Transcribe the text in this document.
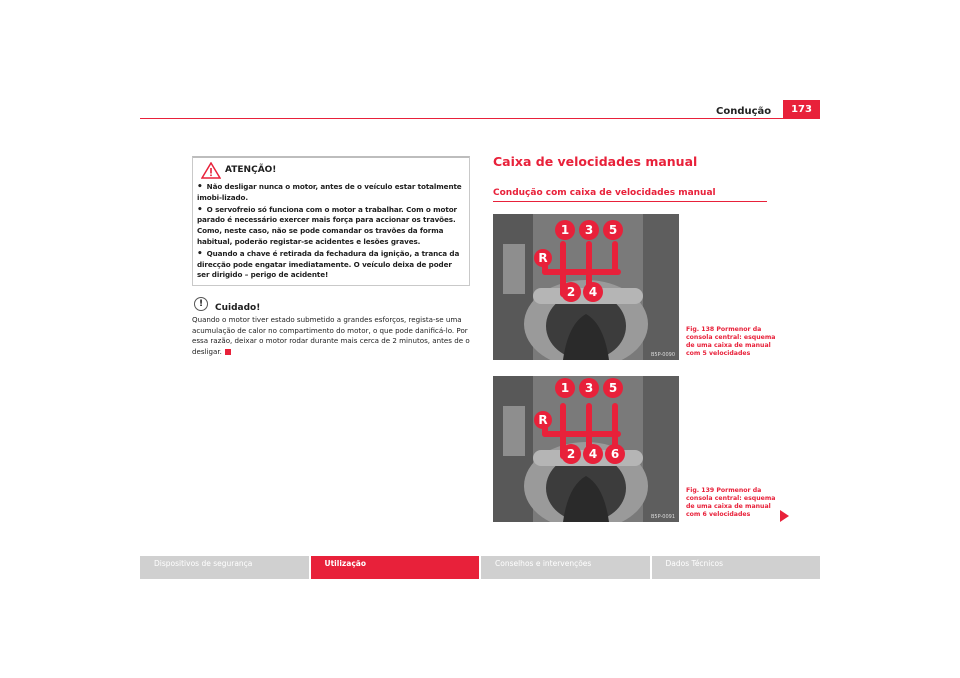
Condução	173
ATENÇÃO!
• Não desligar nunca o motor, antes de o veículo estar totalmente imobi-lizado.
• O servofreio só funciona com o motor a trabalhar. Com o motor parado é necessário exercer mais força para accionar os travões. Como, neste caso, não se pode comandar os travões da forma habitual, poderão registar-se acidentes e lesões graves.
• Quando a chave é retirada da fechadura da ignição, a tranca da direcção pode engatar imediatamente. O veículo deixa de poder ser dirigido – perigo de acidente!
!	Cuidado!
Quando o motor tiver estado submetido a grandes esforços, regista-se uma acumulação de calor no compartimento do motor, o que pode danificá-lo. Por essa razão, deixar o motor rodar durante mais cerca de 2 minutos, antes de o desligar.
Caixa de velocidades manual
Condução com caixa de velocidades manual
R
1 3 5
2 4
B5P-0090
Fig. 138 Pormenor da consola central: esquema de uma caixa de manual com 5 velocidades
R
1 3 5
2 4 6
B5P-0091
Fig. 139 Pormenor da consola central: esquema de uma caixa de manual com 6 velocidades
Dispositivos de segurança	Utilização	Conselhos e intervenções	Dados Técnicos
